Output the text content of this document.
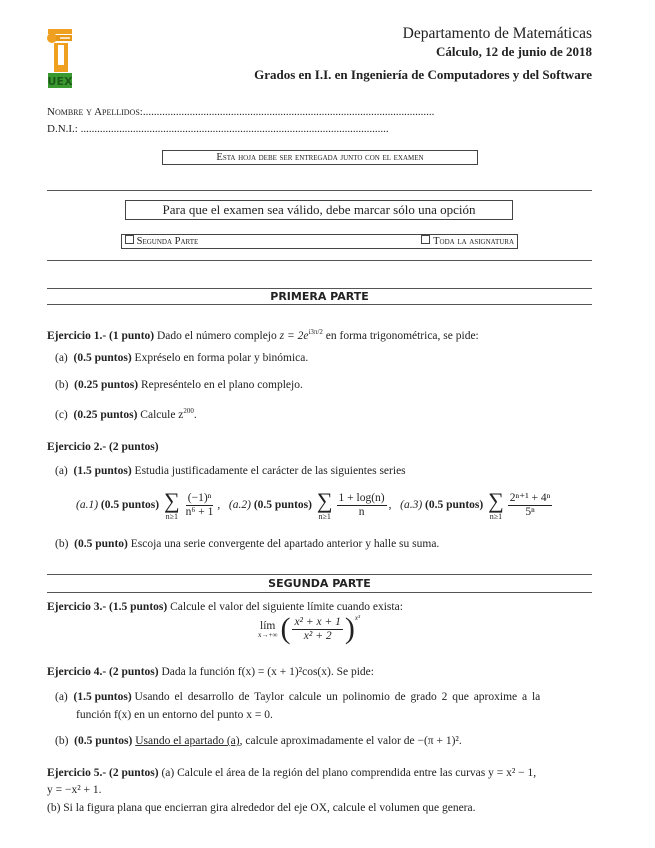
UEX
Departamento de Matemáticas
Cálculo, 12 de junio de 2018
Grados en I.I. en Ingeniería de Computadores y del Software
Nombre y Apellidos:..........................................................................................................
D.N.I.: ................................................................................................................
Esta hoja debe ser entregada junto con el examen
Para que el examen sea válido, debe marcar sólo una opción
Segunda Parte	Toda la asignatura
PRIMERA PARTE
Ejercicio 1.- (1 punto) Dado el número complejo $z = 2e^{i3\pi/2}$ en forma trigonométrica, se pide:
(a) (0.5 puntos) Expréselo en forma polar y binómica.
(b) (0.25 puntos) Represéntelo en el plano complejo.
(c) (0.25 puntos) Calcule $z^{200}$.
Ejercicio 2.- (2 puntos)
(a) (1.5 puntos) Estudia justificadamente el carácter de las siguientes series
(a.1) (0.5 puntos) ∑
$n\ge 1 \frac{\text{(−1)ⁿ}}{\text{n⁶ + 1}}$ ,   (a.2) (0.5 puntos) ∑
$n\ge 1 \frac{1 + \log(n)}{n}$ ,   (a.3) (0.5 puntos) ∑
$n\ge 1 \frac{\text{2ⁿ⁺¹ + 4ⁿ}}{\text{5ⁿ}}$
(b) (0.5 punto) Escoja una serie convergente del apartado anterior y halle su suma.
SEGUNDA PARTE
Ejercicio 3.- (1.5 puntos) Calcule el valor del siguiente límite cuando exista:
lím
x→+∞ ( $\frac{\text{x² + x + 1}}{\text{x² + 2}}$ ) x³
Ejercicio 4.- (2 puntos) Dada la función f(x) = (x + 1)²cos(x). Se pide:
(a) (1.5 puntos) Usando el desarrollo de Taylor calcule un polinomio de grado 2 que aproxime a la
función f(x) en un entorno del punto x = 0.
(b) (0.5 puntos) Usando el apartado (a), calcule aproximadamente el valor de −(π + 1)².
Ejercicio 5.- (2 puntos) (a) Calcule el área de la región del plano comprendida entre las curvas y = x² − 1,
y = −x² + 1.
(b) Si la figura plana que encierran gira alrededor del eje OX, calcule el volumen que genera.
